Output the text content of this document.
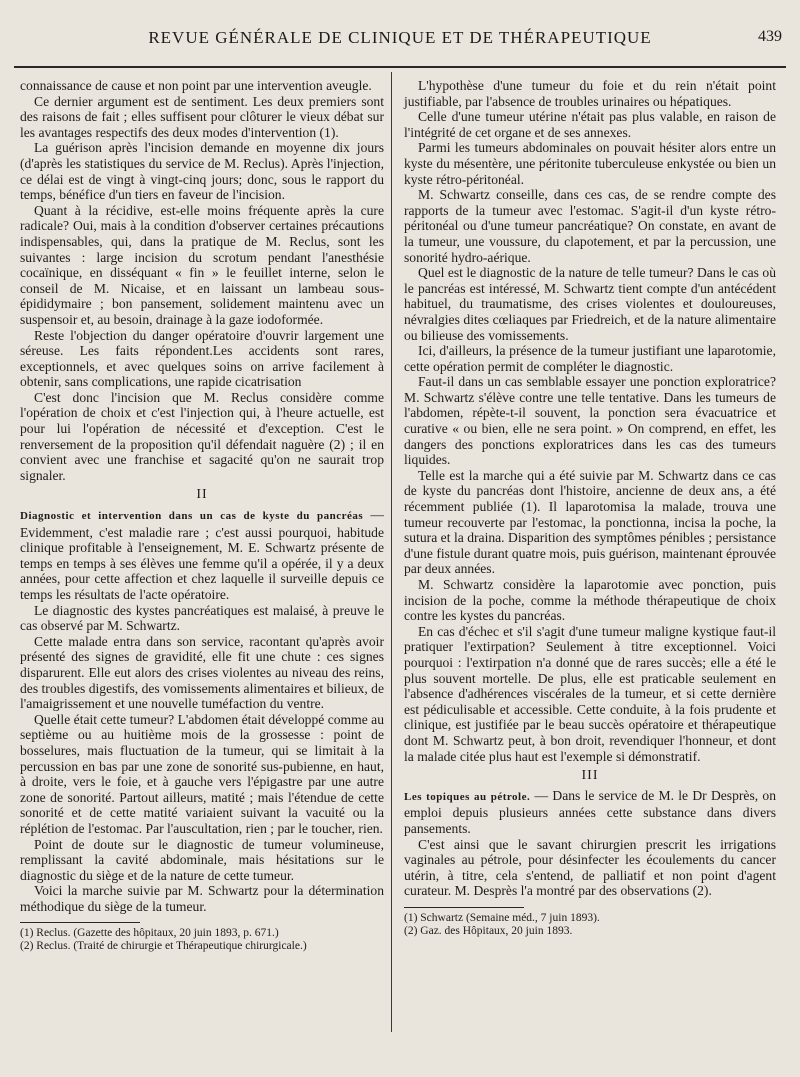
REVUE GÉNÉRALE DE CLINIQUE ET DE THÉRAPEUTIQUE	439

connaissance de cause et non point par une intervention aveugle.

Ce dernier argument est de sentiment. Les deux premiers sont des raisons de fait ; elles suffisent pour clôturer le vieux débat sur les avantages respectifs des deux modes d'intervention (1).

La guérison après l'incision demande en moyenne dix jours (d'après les statistiques du service de M. Reclus). Après l'injection, ce délai est de vingt à vingt-cinq jours; donc, sous le rapport du temps, bénéfice d'un tiers en faveur de l'incision.

Quant à la récidive, est-elle moins fréquente après la cure radicale? Oui, mais à la condition d'observer certaines précautions indispensables, qui, dans la pratique de M. Reclus, sont les suivantes : large incision du scrotum pendant l'anesthésie cocaïnique, en disséquant « fin » le feuillet interne, selon le conseil de M. Nicaise, et en laissant un lambeau sous-épididymaire ; bon pansement, solidement maintenu avec un suspensoir et, au besoin, drainage à la gaze iodoformée.

Reste l'objection du danger opératoire d'ouvrir largement une séreuse. Les faits répondent.Les accidents sont rares, exceptionnels, et avec quelques soins on arrive facilement à obtenir, sans complications, une rapide cicatrisation

C'est donc l'incision que M. Reclus considère comme l'opération de choix et c'est l'injection qui, à l'heure actuelle, est pour lui l'opération de nécessité et d'exception. C'est le renversement de la proposition qu'il défendait naguère (2) ; il en convient avec une franchise et sagacité qu'on ne saurait trop signaler.

II

Diagnostic et intervention dans un cas de kyste du pancréas — Evidemment, c'est maladie rare ; c'est aussi pourquoi, habitude clinique profitable à l'enseignement, M. E. Schwartz présente de temps en temps à ses élèves une femme qu'il a opérée, il y a deux années, pour cette affection et chez laquelle il surveille depuis ce temps les résultats de l'acte opératoire.

Le diagnostic des kystes pancréatiques est malaisé, à preuve le cas observé par M. Schwartz.

Cette malade entra dans son service, racontant qu'après avoir présenté des signes de gravidité, elle fit une chute : ces signes disparurent. Elle eut alors des crises violentes au niveau des reins, des troubles digestifs, des vomissements alimentaires et bilieux, de l'amaigrissement et une nouvelle tuméfaction du ventre.

Quelle était cette tumeur? L'abdomen était développé comme au septième ou au huitième mois de la grossesse : point de bosselures, mais fluctuation de la tumeur, qui se limitait à la percussion en bas par une zone de sonorité sus-pubienne, en haut, à droite, vers le foie, et à gauche vers l'épigastre par une autre zone de sonorité. Partout ailleurs, matité ; mais l'étendue de cette sonorité et de cette matité variaient suivant la vacuité ou la réplétion de l'estomac. Par l'auscultation, rien ; par le toucher, rien.

Point de doute sur le diagnostic de tumeur volumineuse, remplissant la cavité abdominale, mais hésitations sur le diagnostic du siège et de la nature de cette tumeur.

Voici la marche suivie par M. Schwartz pour la détermination méthodique du siège de la tumeur.

(1) Reclus. (Gazette des hôpitaux, 20 juin 1893, p. 671.)

(2) Reclus. (Traité de chirurgie et Thérapeutique chirurgicale.)

L'hypothèse d'une tumeur du foie et du rein n'était point justifiable, par l'absence de troubles urinaires ou hépatiques.

Celle d'une tumeur utérine n'était pas plus valable, en raison de l'intégrité de cet organe et de ses annexes.

Parmi les tumeurs abdominales on pouvait hésiter alors entre un kyste du mésentère, une péritonite tuberculeuse enkystée ou bien un kyste rétro-péritonéal.

M. Schwartz conseille, dans ces cas, de se rendre compte des rapports de la tumeur avec l'estomac. S'agit-il d'un kyste rétro-péritonéal ou d'une tumeur pancréatique? On constate, en avant de la tumeur, une voussure, du clapotement, et par la percussion, une sonorité hydro-aérique.

Quel est le diagnostic de la nature de telle tumeur? Dans le cas où le pancréas est intéressé, M. Schwartz tient compte d'un antécédent habituel, du traumatisme, des crises violentes et douloureuses, névralgies dites cœliaques par Friedreich, et de la nature alimentaire ou bilieuse des vomissements.

Ici, d'ailleurs, la présence de la tumeur justifiant une laparotomie, cette opération permit de compléter le diagnostic.

Faut-il dans un cas semblable essayer une ponction exploratrice? M. Schwartz s'élève contre une telle tentative. Dans les tumeurs de l'abdomen, répète-t-il souvent, la ponction sera évacuatrice et curative « ou bien, elle ne sera point. » On comprend, en effet, les dangers des ponctions exploratrices dans les cas des tumeurs liquides.

Telle est la marche qui a été suivie par M. Schwartz dans ce cas de kyste du pancréas dont l'histoire, ancienne de deux ans, a été récemment publiée (1). Il laparotomisa la malade, trouva une tumeur recouverte par l'estomac, la ponctionna, incisa la poche, la sutura et la draina. Disparition des symptômes pénibles ; persistance d'une fistule durant quatre mois, puis guérison, maintenant éprouvée par deux années.

M. Schwartz considère la laparotomie avec ponction, puis incision de la poche, comme la méthode thérapeutique de choix contre les kystes du pancréas.

En cas d'échec et s'il s'agit d'une tumeur maligne kystique faut-il pratiquer l'extirpation? Seulement à titre exceptionnel. Voici pourquoi : l'extirpation n'a donné que de rares succès; elle a été le plus souvent mortelle. De plus, elle est praticable seulement en l'absence d'adhérences viscérales de la tumeur, et si cette dernière est pédiculisable et accessible. Cette conduite, à la fois prudente et clinique, est justifiée par le beau succès opératoire et thérapeutique dont M. Schwartz peut, à bon droit, revendiquer l'honneur, et dont la malade citée plus haut est l'exemple si démonstratif.

III

Les topiques au pétrole. — Dans le service de M. le Dr Desprès, on emploi depuis plusieurs années cette substance dans divers pansements.

C'est ainsi que le savant chirurgien prescrit les irrigations vaginales au pétrole, pour désinfecter les écoulements du cancer utérin, à titre, cela s'entend, de palliatif et non point d'agent curateur. M. Desprès l'a montré par des observations (2).

(1) Schwartz (Semaine méd., 7 juin 1893).

(2) Gaz. des Hôpitaux, 20 juin 1893.
